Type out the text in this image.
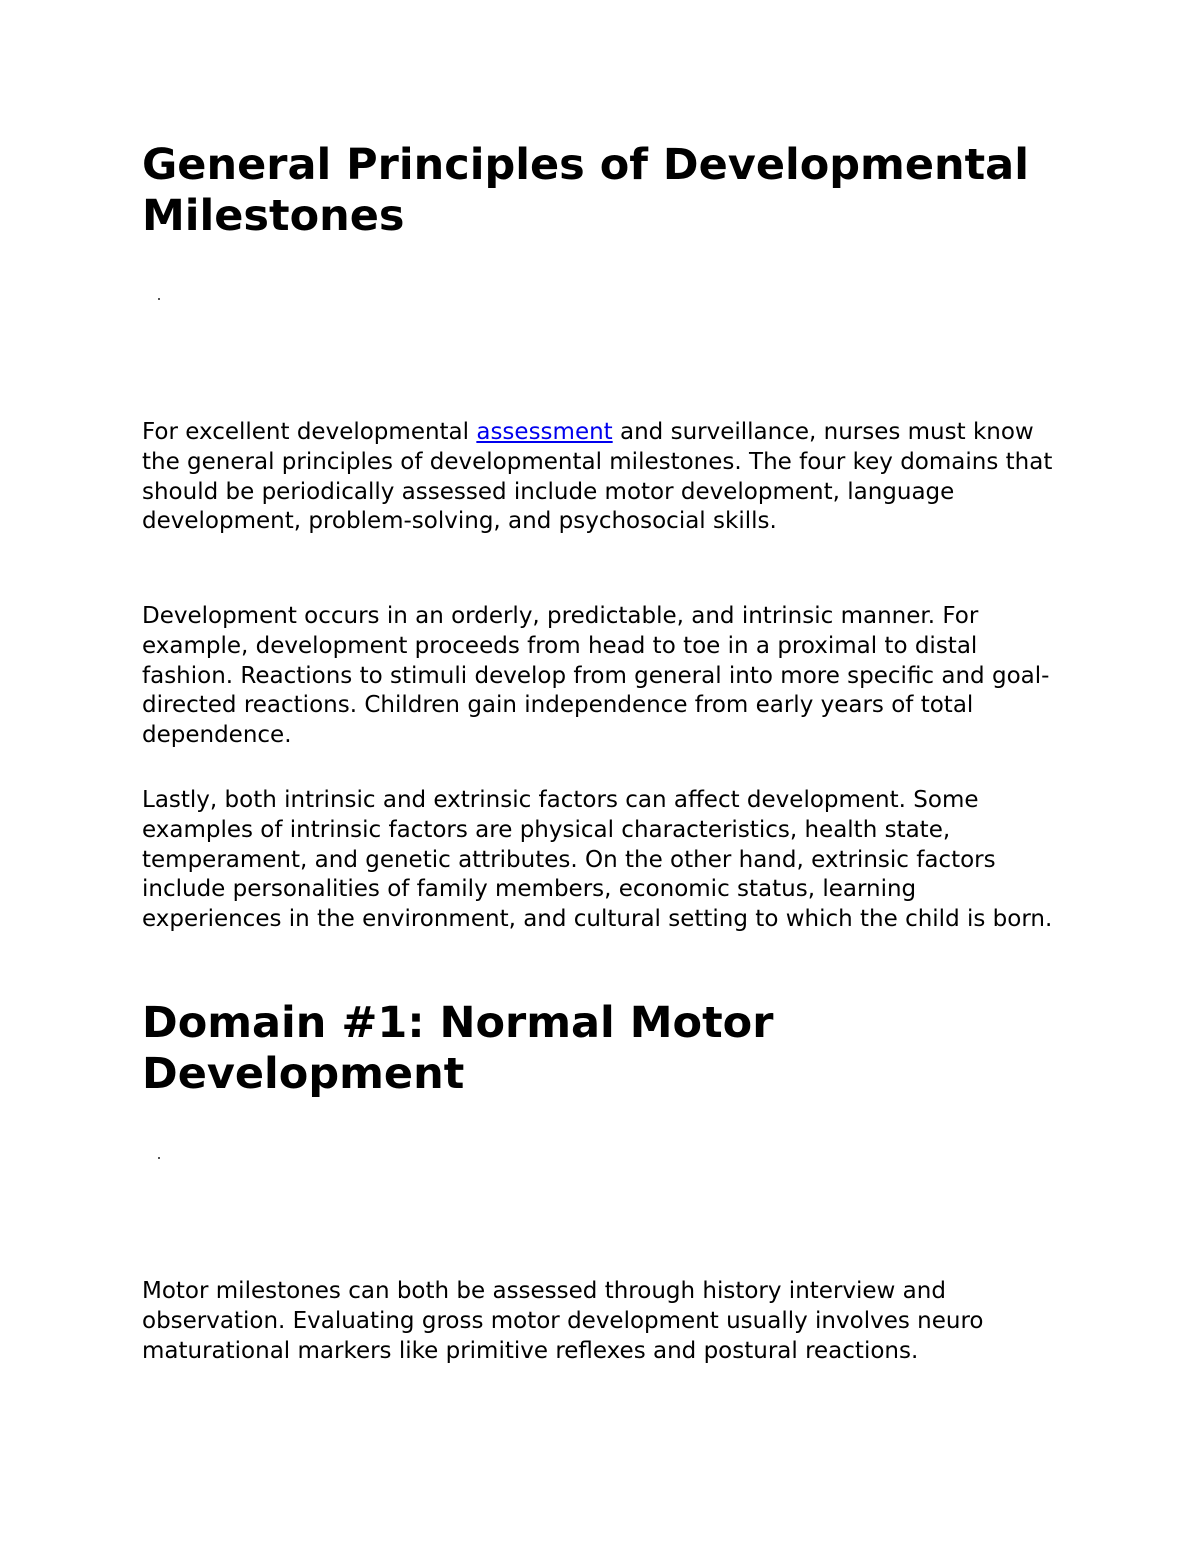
General Principles of Developmental Milestones

For excellent developmental assessment and surveillance, nurses must know the general principles of developmental milestones. The four key domains that should be periodically assessed include motor development, language development, problem-solving, and psychosocial skills.

Development occurs in an orderly, predictable, and intrinsic manner. For example, development proceeds from head to toe in a proximal to distal fashion. Reactions to stimuli develop from general into more specific and goal-directed reactions. Children gain independence from early years of total dependence.

Lastly, both intrinsic and extrinsic factors can affect development. Some examples of intrinsic factors are physical characteristics, health state, temperament, and genetic attributes. On the other hand, extrinsic factors include personalities of family members, economic status, learning experiences in the environment, and cultural setting to which the child is born.

Domain #1: Normal Motor Development

Motor milestones can both be assessed through history interview and observation. Evaluating gross motor development usually involves neuro maturational markers like primitive reflexes and postural reactions.
